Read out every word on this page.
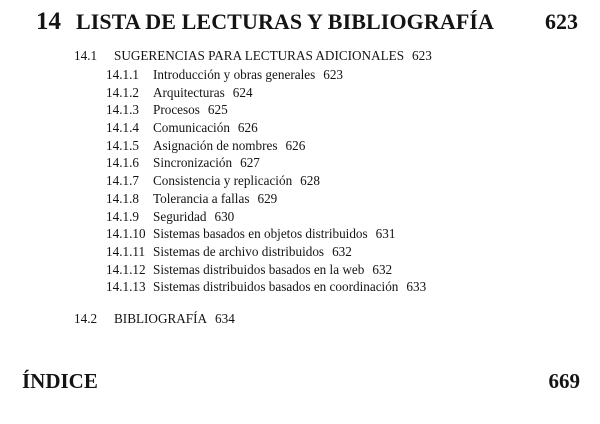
14 LISTA DE LECTURAS Y BIBLIOGRAFÍA	623
14.1	SUGERENCIAS PARA LECTURAS ADICIONALES 623
14.1.1	Introducción y obras generales 623
14.1.2	Arquitecturas 624
14.1.3	Procesos 625
14.1.4	Comunicación 626
14.1.5	Asignación de nombres 626
14.1.6	Sincronización 627
14.1.7	Consistencia y replicación 628
14.1.8	Tolerancia a fallas 629
14.1.9	Seguridad 630
14.1.10 Sistemas basados en objetos distribuidos 631
14.1.11 Sistemas de archivo distribuidos 632
14.1.12 Sistemas distribuidos basados en la web 632
14.1.13 Sistemas distribuidos basados en coordinación 633
14.2	BIBLIOGRAFÍA 634
ÍNDICE	669
